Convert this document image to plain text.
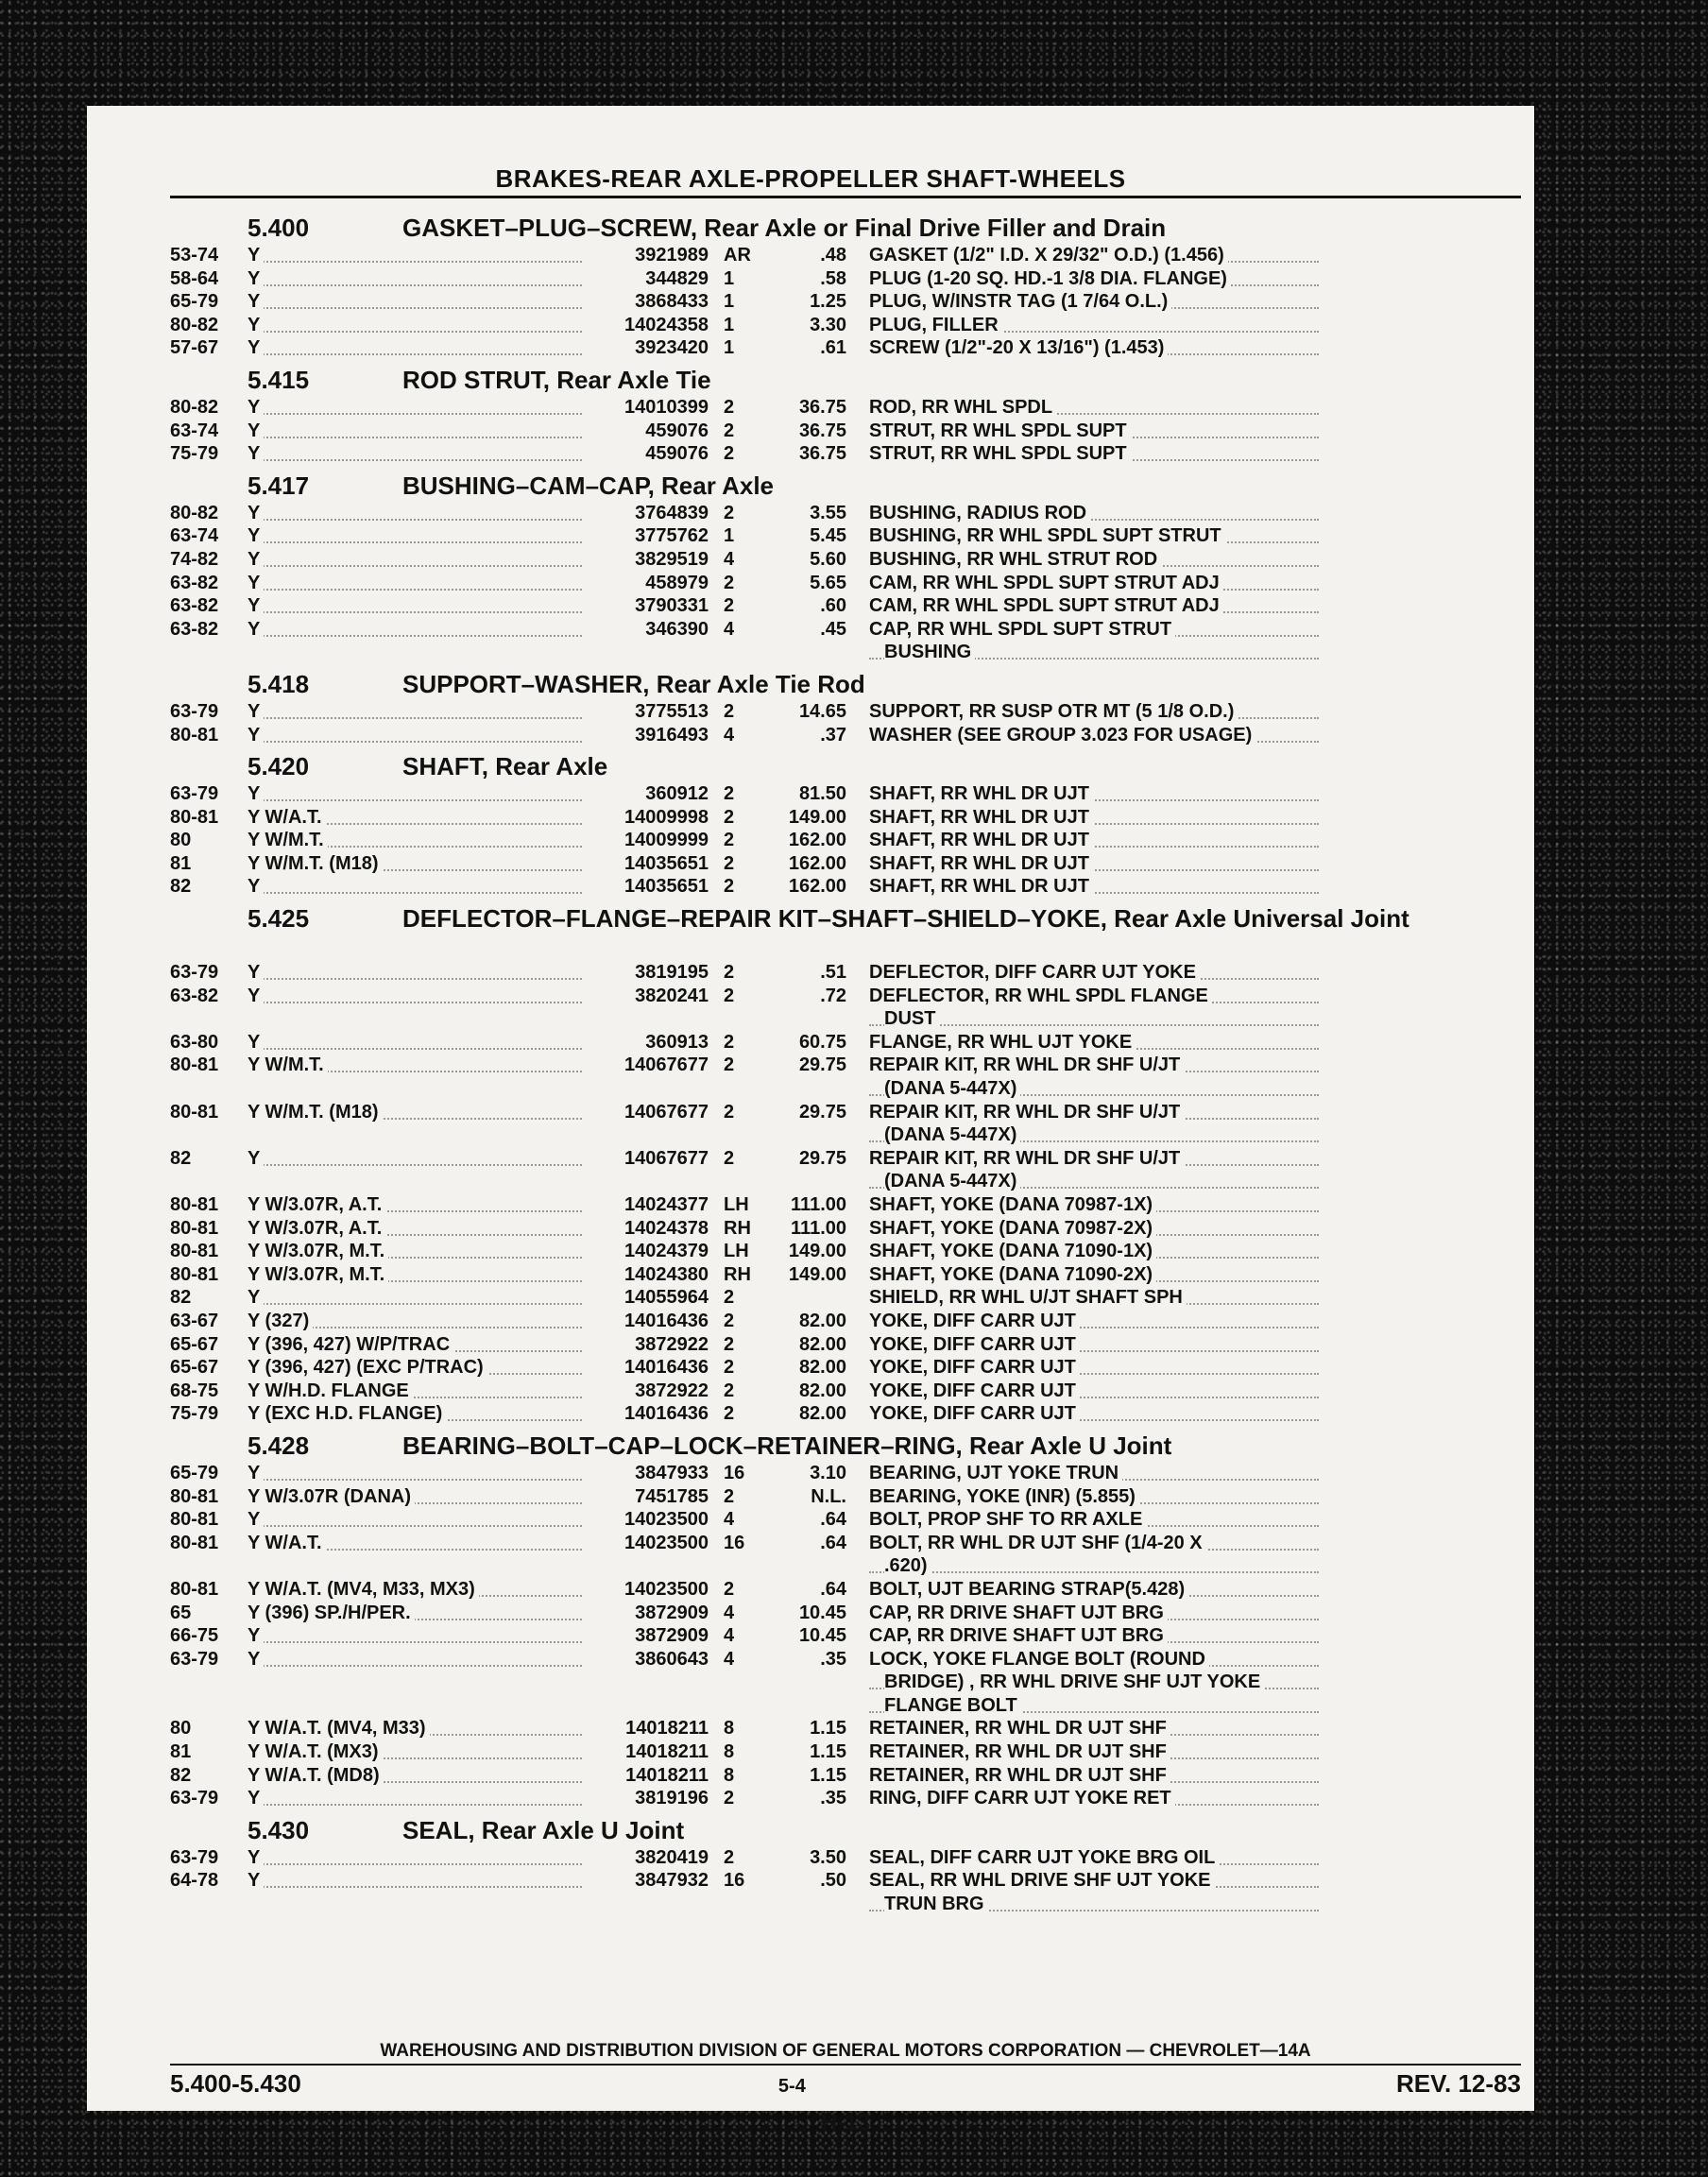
BRAKES-REAR AXLE-PROPELLER SHAFT-WHEELS
5.400	GASKET–PLUG–SCREW, Rear Axle or Final Drive Filler and Drain
53-74	Y	3921989 AR	.48 GASKET (1/2" I.D. X 29/32" O.D.) (1.456)
58-64	Y	344829 1	.58 PLUG (1-20 SQ. HD.-1 3/8 DIA. FLANGE)
65-79	Y	3868433 1	1.25 PLUG, W/INSTR TAG (1 7/64 O.L.)
80-82	Y	14024358 1	3.30 PLUG, FILLER
57-67	Y	3923420 1	.61 SCREW (1/2"-20 X 13/16") (1.453)
5.415	ROD STRUT, Rear Axle Tie
80-82	Y	14010399 2	36.75 ROD, RR WHL SPDL
63-74	Y	459076 2	36.75 STRUT, RR WHL SPDL SUPT
75-79	Y	459076 2	36.75 STRUT, RR WHL SPDL SUPT
5.417	BUSHING–CAM–CAP, Rear Axle
80-82	Y	3764839 2	3.55 BUSHING, RADIUS ROD
63-74	Y	3775762 1	5.45 BUSHING, RR WHL SPDL SUPT STRUT
74-82	Y	3829519 4	5.60 BUSHING, RR WHL STRUT ROD
63-82	Y	458979 2	5.65 CAM, RR WHL SPDL SUPT STRUT ADJ
63-82	Y	3790331 2	.60 CAM, RR WHL SPDL SUPT STRUT ADJ
63-82	Y	346390 4	.45 CAP, RR WHL SPDL SUPT STRUT
BUSHING
5.418	SUPPORT–WASHER, Rear Axle Tie Rod
63-79	Y	3775513 2	14.65 SUPPORT, RR SUSP OTR MT (5 1/8 O.D.)
80-81	Y	3916493 4	.37 WASHER (SEE GROUP 3.023 FOR USAGE)
5.420	SHAFT, Rear Axle
63-79	Y	360912 2	81.50 SHAFT, RR WHL DR UJT
80-81	Y W/A.T.	14009998 2	149.00 SHAFT, RR WHL DR UJT
80	Y W/M.T.	14009999 2	162.00 SHAFT, RR WHL DR UJT
81	Y W/M.T. (M18)	14035651 2	162.00 SHAFT, RR WHL DR UJT
82	Y	14035651 2	162.00 SHAFT, RR WHL DR UJT
5.425	DEFLECTOR–FLANGE–REPAIR KIT–SHAFT–SHIELD–YOKE, Rear Axle Universal Joint
63-79	Y	3819195 2	.51 DEFLECTOR, DIFF CARR UJT YOKE
63-82	Y	3820241 2	.72 DEFLECTOR, RR WHL SPDL FLANGE
DUST
63-80	Y	360913 2	60.75 FLANGE, RR WHL UJT YOKE
80-81	Y W/M.T.	14067677 2	29.75 REPAIR KIT, RR WHL DR SHF U/JT
(DANA 5-447X)
80-81	Y W/M.T. (M18)	14067677 2	29.75 REPAIR KIT, RR WHL DR SHF U/JT
(DANA 5-447X)
82	Y	14067677 2	29.75 REPAIR KIT, RR WHL DR SHF U/JT
(DANA 5-447X)
80-81	Y W/3.07R, A.T.	14024377 LH	111.00 SHAFT, YOKE (DANA 70987-1X)
80-81	Y W/3.07R, A.T.	14024378 RH	111.00 SHAFT, YOKE (DANA 70987-2X)
80-81	Y W/3.07R, M.T.	14024379 LH	149.00 SHAFT, YOKE (DANA 71090-1X)
80-81	Y W/3.07R, M.T.	14024380 RH	149.00 SHAFT, YOKE (DANA 71090-2X)
82	Y	14055964 2	SHIELD, RR WHL U/JT SHAFT SPH
63-67	Y (327)	14016436 2	82.00 YOKE, DIFF CARR UJT
65-67	Y (396, 427) W/P/TRAC	3872922 2	82.00 YOKE, DIFF CARR UJT
65-67	Y (396, 427) (EXC P/TRAC)	14016436 2	82.00 YOKE, DIFF CARR UJT
68-75	Y W/H.D. FLANGE	3872922 2	82.00 YOKE, DIFF CARR UJT
75-79	Y (EXC H.D. FLANGE)	14016436 2	82.00 YOKE, DIFF CARR UJT
5.428	BEARING–BOLT–CAP–LOCK–RETAINER–RING, Rear Axle U Joint
65-79	Y	3847933 16	3.10 BEARING, UJT YOKE TRUN
80-81	Y W/3.07R (DANA)	7451785 2	N.L. BEARING, YOKE (INR) (5.855)
80-81	Y	14023500 4	.64 BOLT, PROP SHF TO RR AXLE
80-81	Y W/A.T.	14023500 16	.64 BOLT, RR WHL DR UJT SHF (1/4-20 X
.620)
80-81	Y W/A.T. (MV4, M33, MX3)	14023500 2	.64 BOLT, UJT BEARING STRAP(5.428)
65	Y (396) SP./H/PER.	3872909 4	10.45 CAP, RR DRIVE SHAFT UJT BRG
66-75	Y	3872909 4	10.45 CAP, RR DRIVE SHAFT UJT BRG
63-79	Y	3860643 4	.35 LOCK, YOKE FLANGE BOLT (ROUND
BRIDGE) , RR WHL DRIVE SHF UJT YOKE
FLANGE BOLT
80	Y W/A.T. (MV4, M33)	14018211 8	1.15 RETAINER, RR WHL DR UJT SHF
81	Y W/A.T. (MX3)	14018211 8	1.15 RETAINER, RR WHL DR UJT SHF
82	Y W/A.T. (MD8)	14018211 8	1.15 RETAINER, RR WHL DR UJT SHF
63-79	Y	3819196 2	.35 RING, DIFF CARR UJT YOKE RET
5.430	SEAL, Rear Axle U Joint
63-79	Y	3820419 2	3.50 SEAL, DIFF CARR UJT YOKE BRG OIL
64-78	Y	3847932 16	.50 SEAL, RR WHL DRIVE SHF UJT YOKE
TRUN BRG
WAREHOUSING AND DISTRIBUTION DIVISION OF GENERAL MOTORS CORPORATION — CHEVROLET—14A
5.400-5.430	5-4	REV. 12-83
H-13
